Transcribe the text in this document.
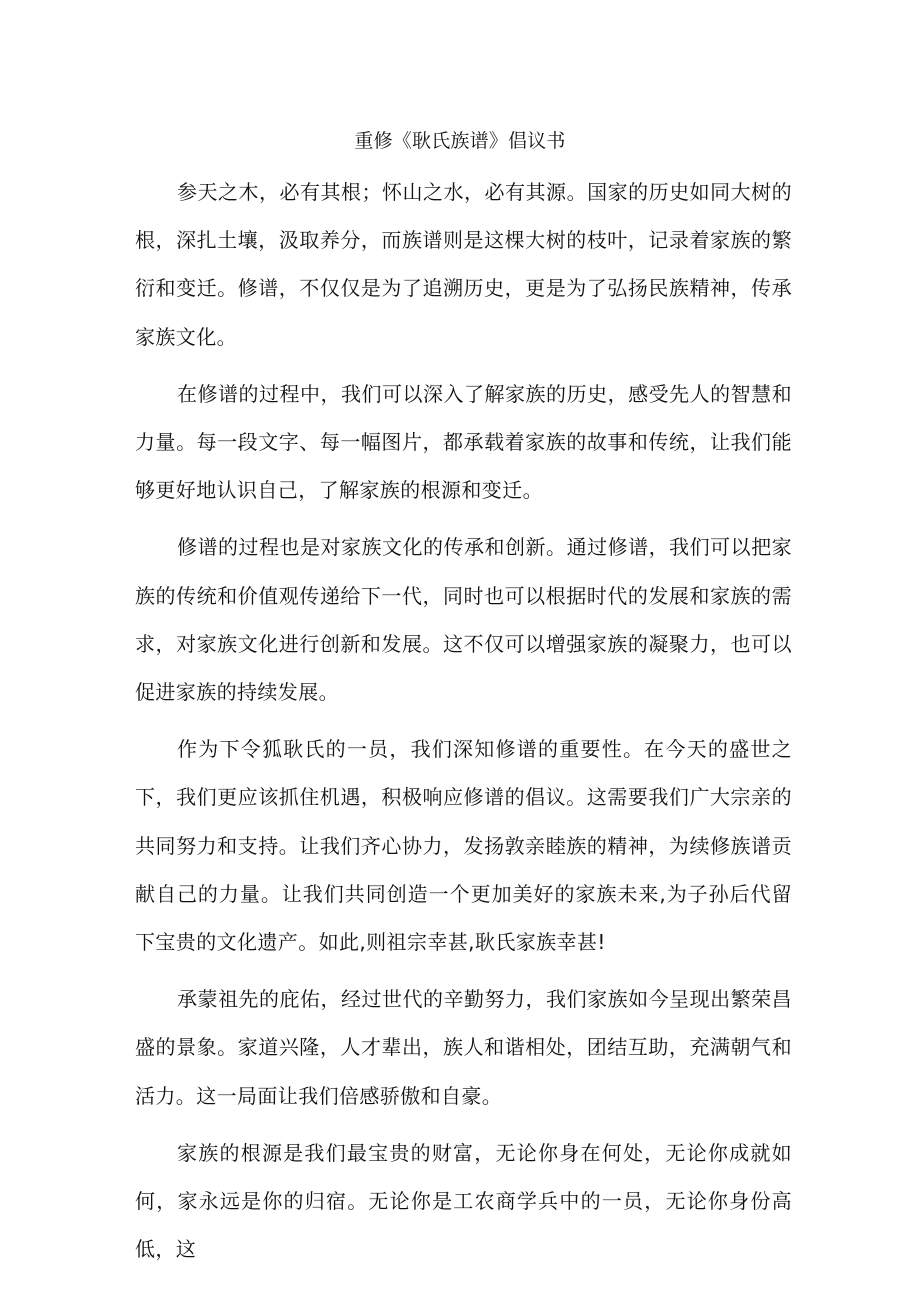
重修《耿氏族谱》倡议书

参天之木，必有其根；怀山之水，必有其源。国家的历史如同大树的根，深扎土壤，汲取养分，而族谱则是这棵大树的枝叶，记录着家族的繁衍和变迁。修谱，不仅仅是为了追溯历史，更是为了弘扬民族精神，传承家族文化。

在修谱的过程中，我们可以深入了解家族的历史，感受先人的智慧和力量。每一段文字、每一幅图片，都承载着家族的故事和传统，让我们能够更好地认识自己，了解家族的根源和变迁。

修谱的过程也是对家族文化的传承和创新。通过修谱，我们可以把家族的传统和价值观传递给下一代，同时也可以根据时代的发展和家族的需求，对家族文化进行创新和发展。这不仅可以增强家族的凝聚力，也可以促进家族的持续发展。

作为下令狐耿氏的一员，我们深知修谱的重要性。在今天的盛世之下，我们更应该抓住机遇，积极响应修谱的倡议。这需要我们广大宗亲的共同努力和支持。让我们齐心协力，发扬敦亲睦族的精神，为续修族谱贡献自己的力量。让我们共同创造一个更加美好的家族未来,为子孙后代留下宝贵的文化遗产。如此,则祖宗幸甚,耿氏家族幸甚!

承蒙祖先的庇佑，经过世代的辛勤努力，我们家族如今呈现出繁荣昌盛的景象。家道兴隆，人才辈出，族人和谐相处，团结互助，充满朝气和活力。这一局面让我们倍感骄傲和自豪。

家族的根源是我们最宝贵的财富，无论你身在何处，无论你成就如何，家永远是你的归宿。无论你是工农商学兵中的一员，无论你身份高低，这
